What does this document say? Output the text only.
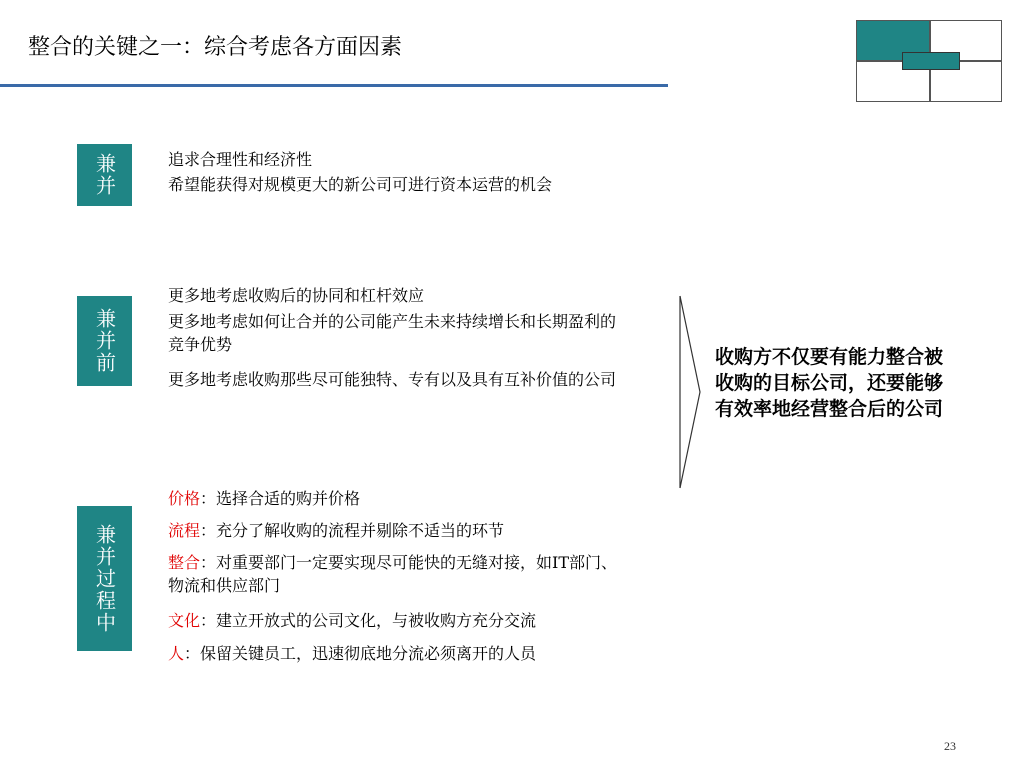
整合的关键之一：综合考虑各方面因素
兼并	追求合理性和经济性
希望能获得对规模更大的新公司可进行资本运营的机会
兼并前
更多地考虑收购后的协同和杠杆效应
更多地考虑如何让合并的公司能产生未来持续增长和长期盈利的竞争优势
更多地考虑收购那些尽可能独特、专有以及具有互补价值的公司
兼并过程中
价格：选择合适的购并价格
流程：充分了解收购的流程并剔除不适当的环节
整合：对重要部门一定要实现尽可能快的无缝对接，如IT部门、物流和供应部门
文化：建立开放式的公司文化，与被收购方充分交流
人：保留关键员工，迅速彻底地分流必须离开的人员
收购方不仅要有能力整合被收购的目标公司，还要能够有效率地经营整合后的公司
23
